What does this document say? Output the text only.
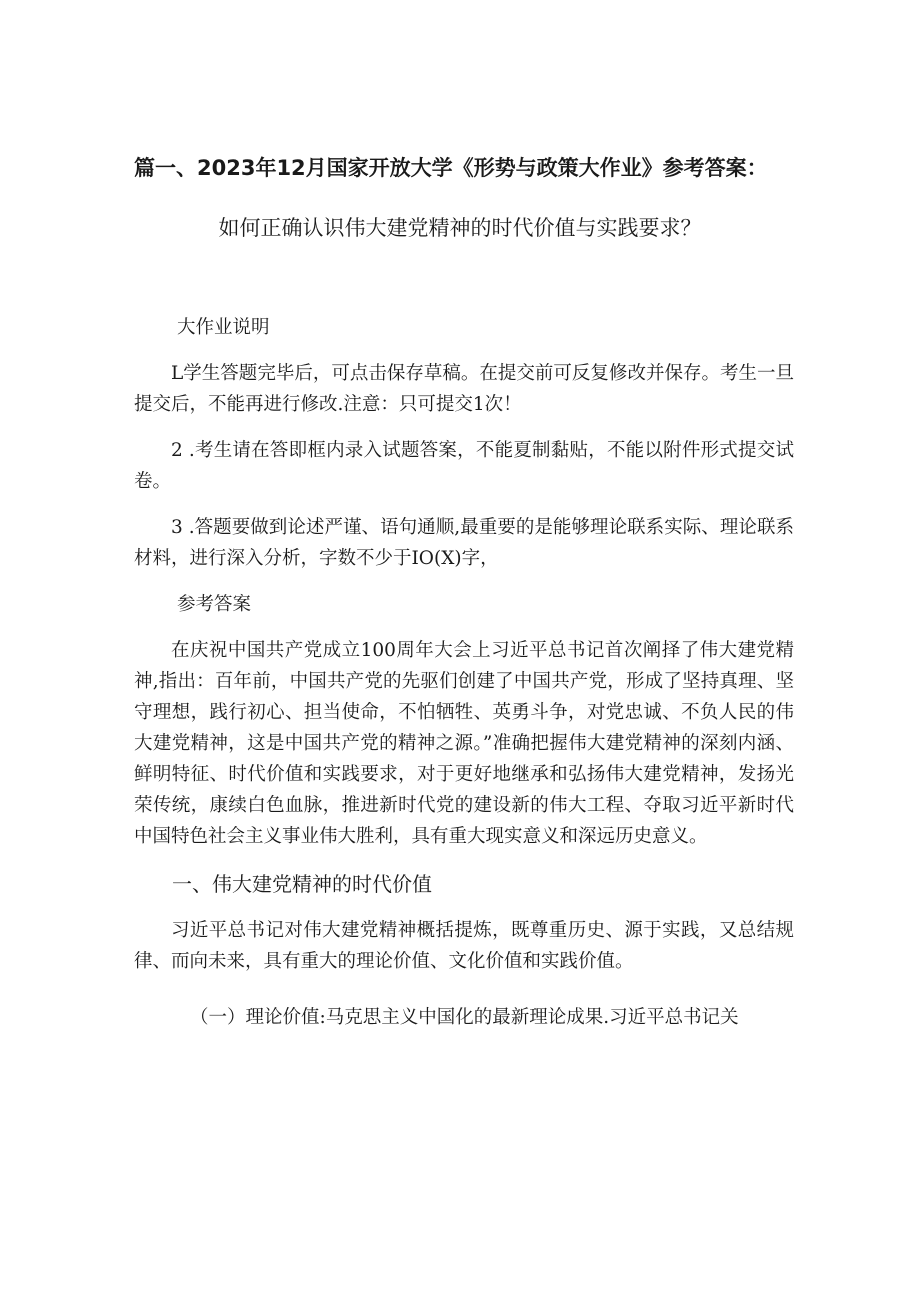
篇一、2023年12月国家开放大学《形势与政策大作业》参考答案：
如何正确认识伟大建党精神的时代价值与实践要求？

大作业说明

L学生答题完毕后，可点击保存草稿。在提交前可反复修改并保存。考生一旦提交后，不能再进行修改.注意：只可提交1次！

2 .考生请在答即框内录入试题答案，不能夏制黏贴，不能以附件形式提交试卷。

3 .答题要做到论述严谨、语句通顺,最重要的是能够理论联系实际、理论联系材料，进行深入分析，字数不少于IO(X)字，

参考答案

在庆祝中国共产党成立100周年大会上习近平总书记首次阐择了伟大建党精神,指出：百年前，中国共产党的先驱们创建了中国共产党，形成了坚持真理、坚守理想，践行初心、担当使命，不怕牺牲、英勇斗争，对党忠诚、不负人民的伟大建党精神，这是中国共产党的精神之源。”准确把握伟大建党精神的深刻内涵、鲜明特征、时代价值和实践要求，对于更好地继承和弘扬伟大建党精神，发扬光荣传统，康续白色血脉，推进新时代党的建设新的伟大工程、夺取习近平新时代中国特色社会主义事业伟大胜利，具有重大现实意义和深远历史意义。

一、伟大建党精神的时代价值

习近平总书记对伟大建党精神概括提炼，既尊重历史、源于实践，又总结规律、而向未来，具有重大的理论价值、文化价值和实践价值。

（一）理论价值:马克思主义中国化的最新理论成果.习近平总书记关
